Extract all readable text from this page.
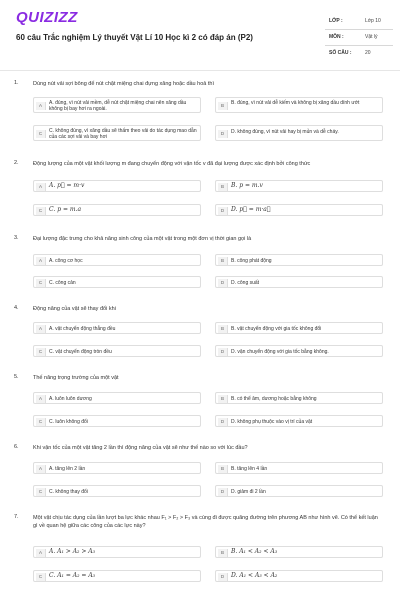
QUIZIZZ
60 câu Trắc nghiệm Lý thuyết Vật Lí 10 Học kì 2 có đáp án (P2)
LỚP :	Lớp 10
MÔN :	Vật lý
SỐ CÂU :	20
1.	Dùng nút vải sợi bông để nút chặt miệng chai đựng xăng hoặc dầu hoả thì
A	A. đúng, vì nút vải mềm, dễ nút chặt miệng chai nên xăng dầu không bị bay hơi ra ngoài.
B	B. đúng, vì nút vải dễ kiếm và không bị xăng dầu dính ướt
C	C. không đúng, vì xăng dầu sẽ thấm theo vải do tác dụng mao dẫn của các sợi vải và bay hơi
D	D. không đúng, vì nút vải hay bị mủn và dễ cháy.
2.	Động lượng của một vật khối lượng m đang chuyển động với vận tốc v đã đại lượng được xác định bởi công thức
A	A. p⃗ = m·v	B	B. p = m.v
C	C. p = m.a	D	D. p⃗ = m·a⃗
3.	Đại lượng đặc trưng cho khả năng sinh công của một vật trong một đơn vị thời gian gọi là
A	A. công cơ học	B	B. công phát động
C	C. công cản	D	D. công suất
4.	Động năng của vật sẽ thay đổi khi
A	A. vật chuyển động thẳng đều	B	B. vật chuyển động với gia tốc không đổi
C	C. vật chuyển động tròn đều	D	D. vận chuyển động với gia tốc bằng không.
5.	Thế năng trọng trường của một vật
A	A. luôn luôn dương	B	B. có thể âm, dương hoặc bằng không
C	C. luôn không đổi	D	D. không phụ thuộc vào vị trí của vật
6.	Khi vận tốc của một vật tăng 2 lần thì động năng của vật sẽ như thế nào so với lúc đầu?
A	A. tăng lên 2 lần	B	B. tăng lên 4 lần
C	C. không thay đổi	D	D. giảm đi 2 lần
7.	Một vật chịu tác dụng của lần lượt ba lực khác nhau F₁ > F₂ > F₃ và cùng đi được quãng đường trên phương AB như hình vẽ. Có thể kết luận gì về quan hệ giữa các công của các lực này?
A	A. A₁ > A₂ > A₃	B	B. A₁ < A₂ < A₃
C	C. A₁ = A₂ = A₃	D	D. A₁ < A₃ < A₂
